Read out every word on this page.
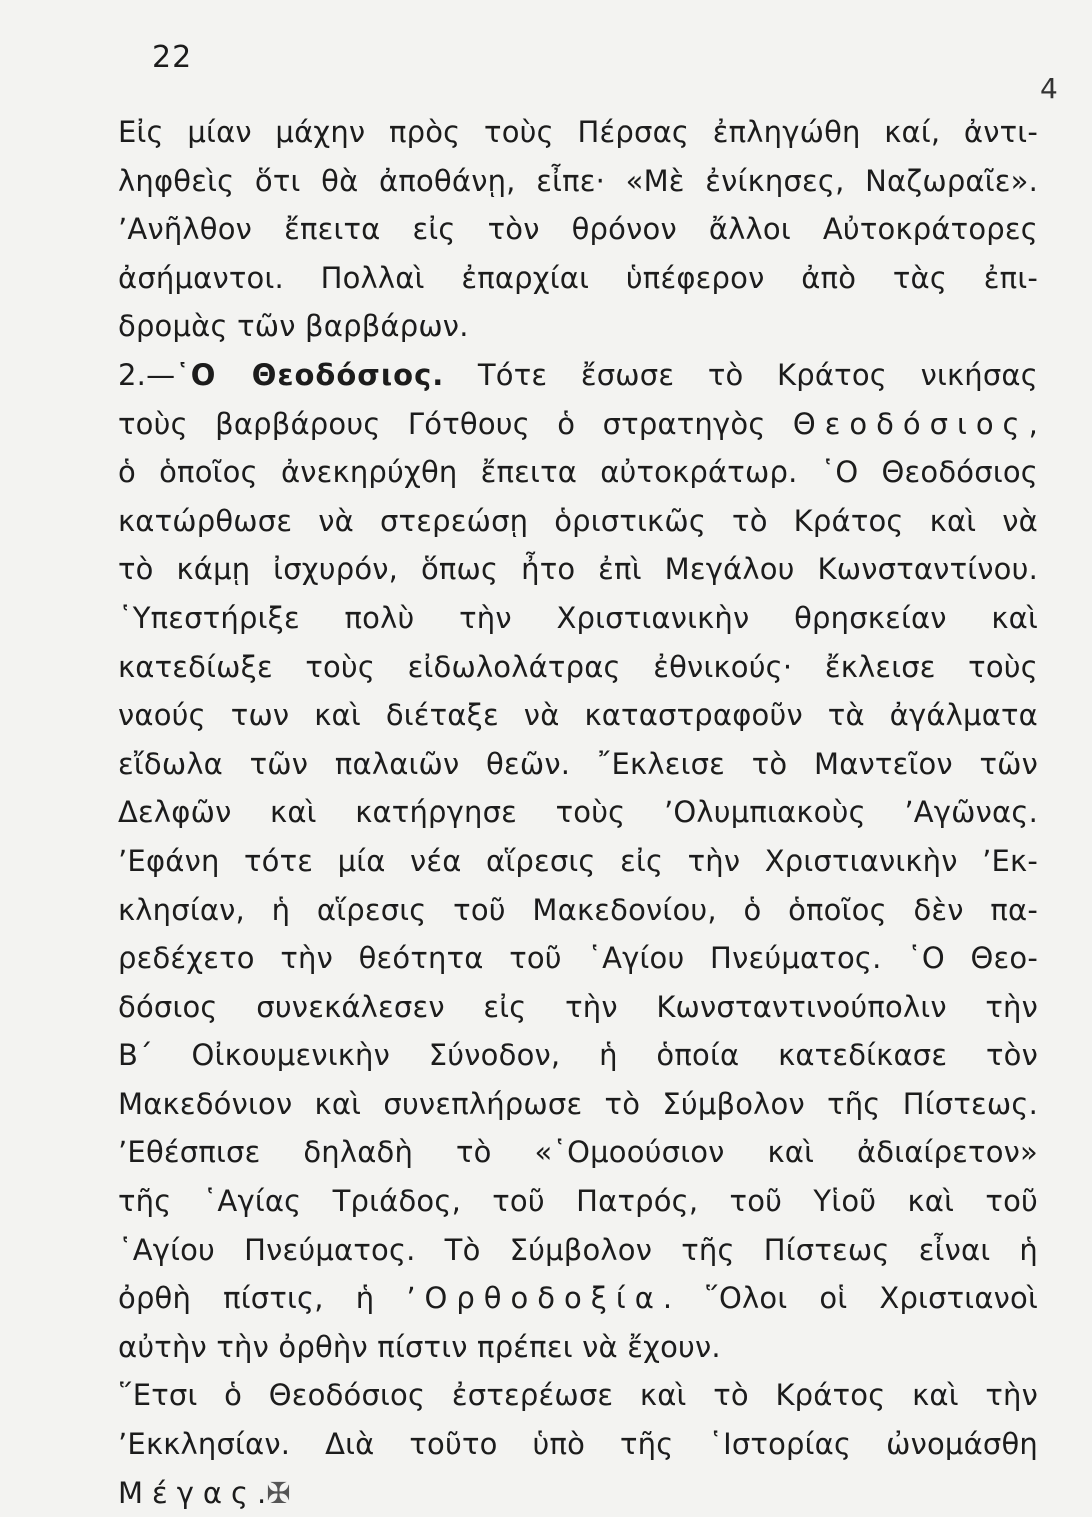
22
4
Εἰς μίαν μάχην πρὸς τοὺς Πέρσας ἐπληγώθη καί, ἀντι-
ληφθεὶς ὅτι θὰ ἀποθάνῃ, εἶπε· «Μὲ ἐνίκησες, Ναζωραῖε».
ʼΑνῆλθον ἔπειτα εἰς τὸν θρόνον ἄλλοι Αὐτοκράτορες
ἀσήμαντοι. Πολλαὶ ἐπαρχίαι ὑπέφερον ἀπὸ τὰς ἐπι-
δρομὰς τῶν βαρβάρων.
2.—῾Ο Θεοδόσιος. Τότε ἔσωσε τὸ Κράτος νικήσας
τοὺς βαρβάρους Γότθους ὁ στρατηγὸς Θεοδόσιος,
ὁ ὁποῖος ἀνεκηρύχθη ἔπειτα αὐτοκράτωρ. ῾Ο Θεοδόσιος
κατώρθωσε νὰ στερεώσῃ ὁριστικῶς τὸ Κράτος καὶ νὰ
τὸ κάμῃ ἰσχυρόν, ὅπως ἦτο ἐπὶ Μεγάλου Κωνσταντίνου.
῾Υπεστήριξε πολὺ τὴν Χριστιανικὴν θρησκείαν καὶ
κατεδίωξε τοὺς εἰδωλολάτρας ἐθνικούς· ἔκλεισε τοὺς
ναούς των καὶ διέταξε νὰ καταστραφοῦν τὰ ἀγάλματα
εἴδωλα τῶν παλαιῶν θεῶν. ῎Εκλεισε τὸ Μαντεῖον τῶν
Δελφῶν καὶ κατήργησε τοὺς ʼΟλυμπιακοὺς ʼΑγῶνας.
ʼΕφάνη τότε μία νέα αἵρεσις εἰς τὴν Χριστιανικὴν ʼΕκ-
κλησίαν, ἡ αἵρεσις τοῦ Μακεδονίου, ὁ ὁποῖος δὲν πα-
ρεδέχετο τὴν θεότητα τοῦ ῾Αγίου Πνεύματος. ῾Ο Θεο-
δόσιος συνεκάλεσεν εἰς τὴν Κωνσταντινούπολιν τὴν
Β΄ Οἰκουμενικὴν Σύνοδον, ἡ ὁποία κατεδίκασε τὸν
Μακεδόνιον καὶ συνεπλήρωσε τὸ Σύμβολον τῆς Πίστεως.
ʼΕθέσπισε δηλαδὴ τὸ «῾Ομοούσιον καὶ ἀδιαίρετον»
τῆς ῾Αγίας Τριάδος, τοῦ Πατρός, τοῦ Υἱοῦ καὶ τοῦ
῾Αγίου Πνεύματος. Τὸ Σύμβολον τῆς Πίστεως εἶναι ἡ
ὀρθὴ πίστις, ἡ ʼΟρθοδοξία. ῞Ολοι οἱ Χριστιανοὶ
αὐτὴν τὴν ὀρθὴν πίστιν πρέπει νὰ ἔχουν.
῞Ετσι ὁ Θεοδόσιος ἐστερέωσε καὶ τὸ Κράτος καὶ τὴν
ʼΕκκλησίαν. Διὰ τοῦτο ὑπὸ τῆς ῾Ιστορίας ὠνομάσθη
Μέγας.✠
